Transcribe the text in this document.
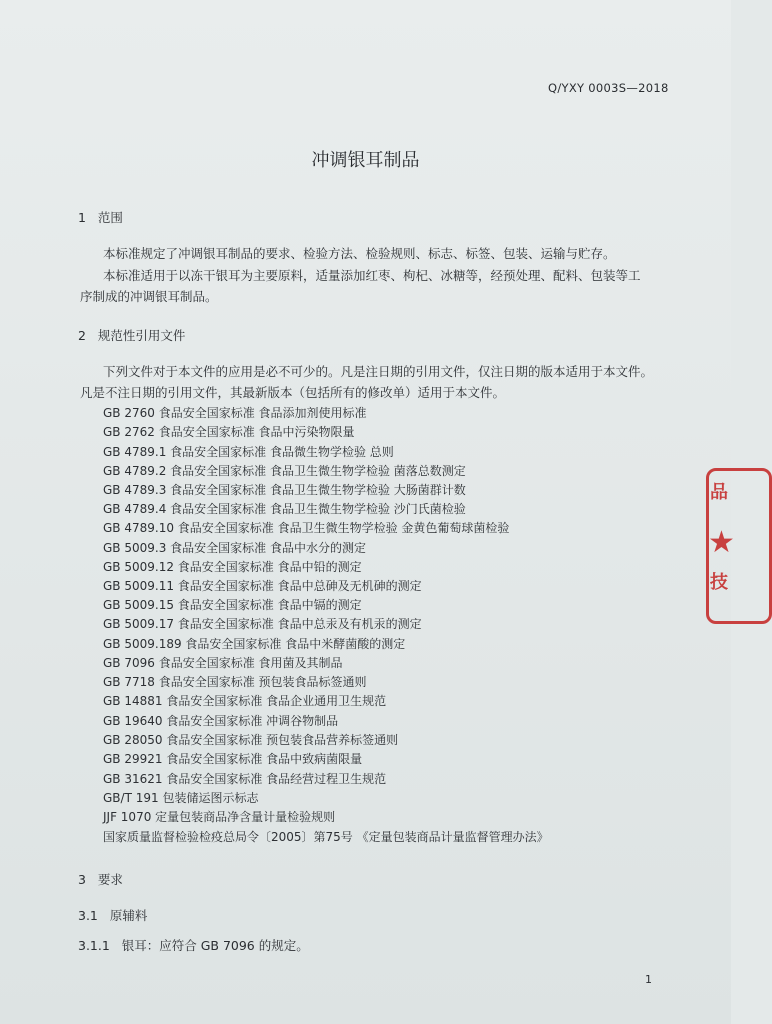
Q/YXY 0003S—2018
冲调银耳制品
1 范围
本标准规定了冲调银耳制品的要求、检验方法、检验规则、标志、标签、包装、运输与贮存。
本标准适用于以冻干银耳为主要原料，适量添加红枣、枸杞、冰糖等，经预处理、配料、包装等工
序制成的冲调银耳制品。
2 规范性引用文件
下列文件对于本文件的应用是必不可少的。凡是注日期的引用文件，仅注日期的版本适用于本文件。
凡是不注日期的引用文件，其最新版本（包括所有的修改单）适用于本文件。
GB 2760 食品安全国家标准 食品添加剂使用标准
GB 2762 食品安全国家标准 食品中污染物限量
GB 4789.1 食品安全国家标准 食品微生物学检验 总则
GB 4789.2 食品安全国家标准 食品卫生微生物学检验 菌落总数测定
GB 4789.3 食品安全国家标准 食品卫生微生物学检验 大肠菌群计数
GB 4789.4 食品安全国家标准 食品卫生微生物学检验 沙门氏菌检验
GB 4789.10 食品安全国家标准 食品卫生微生物学检验 金黄色葡萄球菌检验
GB 5009.3 食品安全国家标准 食品中水分的测定
GB 5009.12 食品安全国家标准 食品中铅的测定
GB 5009.11 食品安全国家标准 食品中总砷及无机砷的测定
GB 5009.15 食品安全国家标准 食品中镉的测定
GB 5009.17 食品安全国家标准 食品中总汞及有机汞的测定
GB 5009.189 食品安全国家标准 食品中米酵菌酸的测定
GB 7096 食品安全国家标准 食用菌及其制品
GB 7718 食品安全国家标准 预包装食品标签通则
GB 14881 食品安全国家标准 食品企业通用卫生规范
GB 19640 食品安全国家标准 冲调谷物制品
GB 28050 食品安全国家标准 预包装食品营养标签通则
GB 29921 食品安全国家标准 食品中致病菌限量
GB 31621 食品安全国家标准 食品经营过程卫生规范
GB/T 191 包装储运图示标志
JJF 1070 定量包装商品净含量计量检验规则
国家质量监督检验检疫总局令〔2005〕第75号 《定量包装商品计量监督管理办法》
3 要求
3.1 原辅料
3.1.1 银耳：应符合 GB 7096 的规定。
1
品
★
技
